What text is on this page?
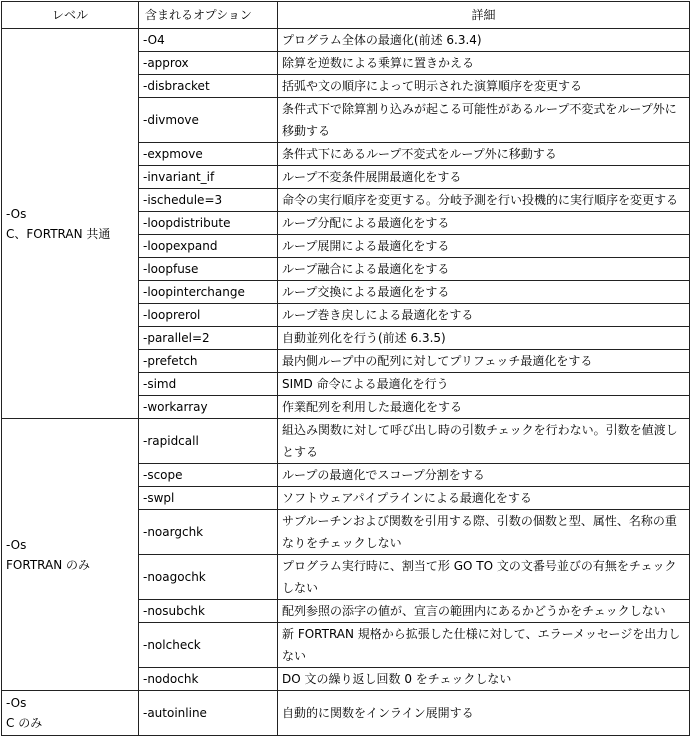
レベル	含まれるオプション	詳細

-Os
C、FORTRAN 共通	-O4	プログラム全体の最適化(前述 6.3.4)
	-approx	除算を逆数による乗算に置きかえる
	-disbracket	括弧や文の順序によって明示された演算順序を変更する
	-divmove	条件式下で除算割り込みが起こる可能性があるループ不変式をループ外に移動する
	-expmove	条件式下にあるループ不変式をループ外に移動する
	-invariant_if	ループ不変条件展開最適化をする
	-ischedule=3	命令の実行順序を変更する。分岐予測を行い投機的に実行順序を変更する
	-loopdistribute	ループ分配による最適化をする
	-loopexpand	ループ展開による最適化をする
	-loopfuse	ループ融合による最適化をする
	-loopinterchange	ループ交換による最適化をする
	-looprerol	ループ巻き戻しによる最適化をする
	-parallel=2	自動並列化を行う(前述 6.3.5)
	-prefetch	最内側ループ中の配列に対してプリフェッチ最適化をする
	-simd	SIMD 命令による最適化を行う
	-workarray	作業配列を利用した最適化をする

-Os
FORTRAN のみ	-rapidcall	組込み関数に対して呼び出し時の引数チェックを行わない。引数を値渡しとする
	-scope	ループの最適化でスコープ分割をする
	-swpl	ソフトウェアパイプラインによる最適化をする
	-noargchk	サブルーチンおよび関数を引用する際、引数の個数と型、属性、名称の重なりをチェックしない
	-noagochk	プログラム実行時に、割当て形 GO TO 文の文番号並びの有無をチェックしない
	-nosubchk	配列参照の添字の値が、宣言の範囲内にあるかどうかをチェックしない
	-nolcheck	新 FORTRAN 規格から拡張した仕様に対して、エラーメッセージを出力しない
	-nodochk	DO 文の繰り返し回数 0 をチェックしない

-Os
C のみ	-autoinline	自動的に関数をインライン展開する
